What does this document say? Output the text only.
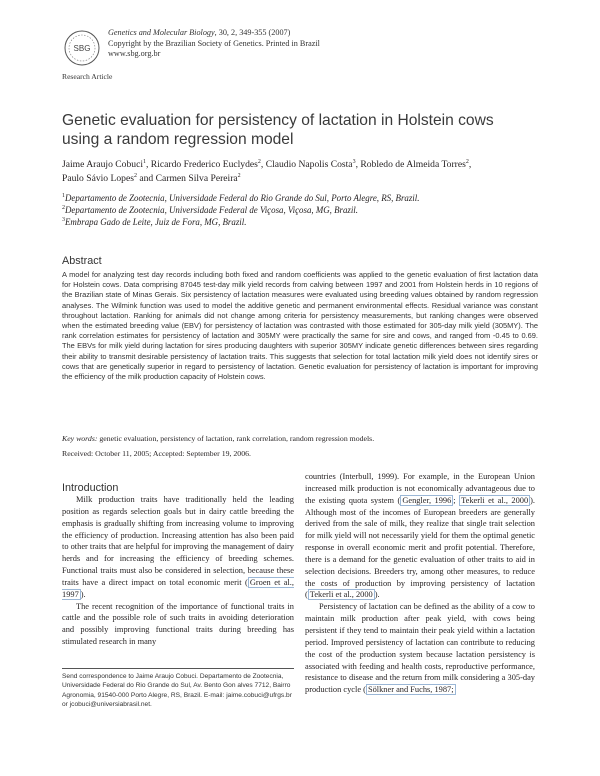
SBG
Genetics and Molecular Biology, 30, 2, 349-355 (2007)
Copyright by the Brazilian Society of Genetics. Printed in Brazil
www.sbg.org.br
Research Article
Genetic evaluation for persistency of lactation in Holstein cows
using a random regression model
Jaime Araujo Cobuci$^1$, Ricardo Frederico Euclydes$^2$, Claudio Napolis Costa$^3$, Robledo de Almeida Torres$^2$,
Paulo Sávio Lopes$^2$ and Carmen Silva Pereira$^2$
$^1$Departamento de Zootecnia, Universidade Federal do Rio Grande do Sul, Porto Alegre, RS, Brazil.
$^2$Departamento de Zootecnia, Universidade Federal de Viçosa, Viçosa, MG, Brazil.
$^3$Embrapa Gado de Leite, Juiz de Fora, MG, Brazil.
Abstract
A model for analyzing test day records including both fixed and random coefficients was applied to the genetic evaluation of first lactation data for Holstein cows. Data comprising 87045 test-day milk yield records from calving between 1997 and 2001 from Holstein herds in 10 regions of the Brazilian state of Minas Gerais. Six persistency of lactation measures were evaluated using breeding values obtained by random regression analyses. The Wilmink function was used to model the additive genetic and permanent environmental effects. Residual variance was constant throughout lactation. Ranking for animals did not change among criteria for persistency measurements, but ranking changes were observed when the estimated breeding value (EBV) for persistency of lactation was contrasted with those estimated for 305-day milk yield (305MY). The rank correlation estimates for persistency of lactation and 305MY were practically the same for sire and cows, and ranged from -0.45 to 0.69. The EBVs for milk yield during lactation for sires producing daughters with superior 305MY indicate genetic differences between sires regarding their ability to transmit desirable persistency of lactation traits. This suggests that selection for total lactation milk yield does not identify sires or cows that are genetically superior in regard to persistency of lactation. Genetic evaluation for persistency of lactation is important for improving the efficiency of the milk production capacity of Holstein cows.
Key words: genetic evaluation, persistency of lactation, rank correlation, random regression models.
Received: October 11, 2005; Accepted: September 19, 2006.
Introduction

Milk production traits have traditionally held the leading position as regards selection goals but in dairy cattle breeding the emphasis is gradually shifting from increasing volume to improving the efficiency of production. Increasing attention has also been paid to other traits that are helpful for improving the management of dairy herds and for increasing the efficiency of breeding schemes. Functional traits must also be considered in selection, because these traits have a direct impact on total economic merit ( Groen et al., 1997 ).

The recent recognition of the importance of functional traits in cattle and the possible role of such traits in avoiding deterioration and possibly improving functional traits during breeding has stimulated research in many

Send correspondence to Jaime Araujo Cobuci. Departamento de Zootecnia, Universidade Federal do Rio Grande do Sul, Av. Bento Gon alves 7712, Bairro Agronomia, 91540-000 Porto Alegre, RS, Brazil. E-mail: jaime.cobuci@ufrgs.br or jcobuci@universiabrasil.net.

countries (Interbull, 1999). For example, in the European Union increased milk production is not economically advantageous due to the existing quota system ( Gengler, 1996 ; Tekerli et al., 2000 ). Although most of the incomes of European breeders are generally derived from the sale of milk, they realize that single trait selection for milk yield will not necessarily yield for them the optimal genetic response in overall economic merit and profit potential. Therefore, there is a demand for the genetic evaluation of other traits to aid in selection decisions. Breeders try, among other measures, to reduce the costs of production by improving persistency of lactation ( Tekerli et al., 2000 ).

Persistency of lactation can be defined as the ability of a cow to maintain milk production after peak yield, with cows being persistent if they tend to maintain their peak yield within a lactation period. Improved persistency of lactation can contribute to reducing the cost of the production system because lactation persistency is associated with feeding and health costs, reproductive performance, resistance to disease and the return from milk considering a 305-day production cycle ( Sölkner and Fuchs, 1987;
